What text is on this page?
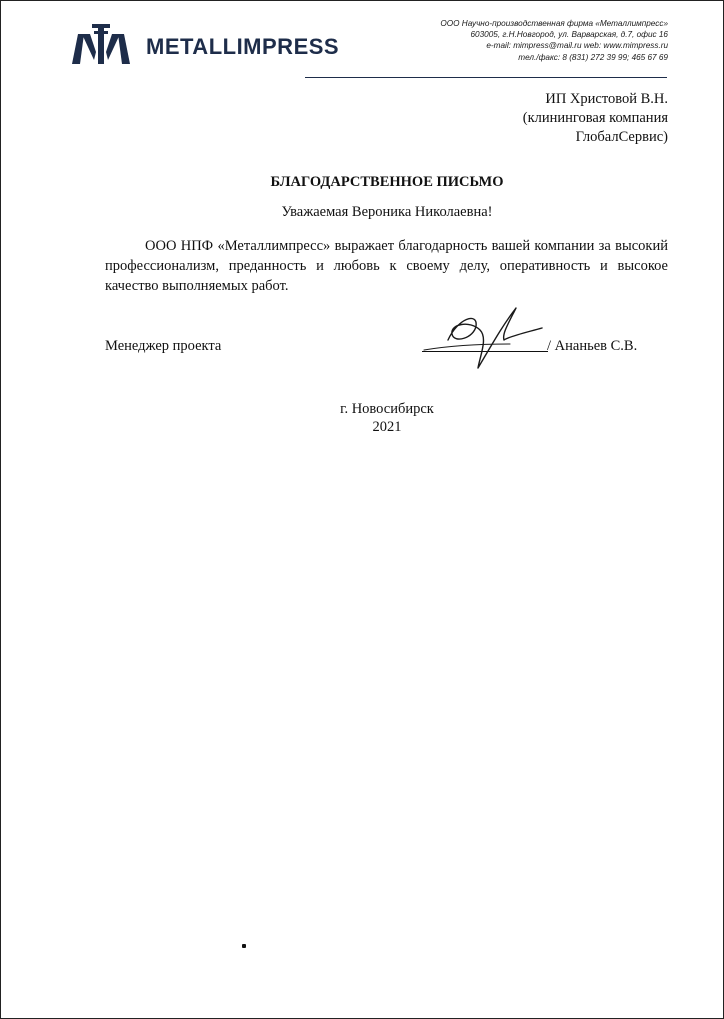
METALLIMPRESS
ООО Научно-производственная фирма «Металлимпресс»
603005, г.Н.Новгород, ул. Варварская, д.7, офис 16
e-mail: mimpress@mail.ru web: www.mimpress.ru
тел./факс: 8 (831) 272 39 99; 465 67 69
ИП Христовой В.Н.
(клининговая компания
ГлобалСервис)
БЛАГОДАРСТВЕННОЕ ПИСЬМО
Уважаемая Вероника Николаевна!

ООО НПФ «Металлимпресс» выражает благодарность вашей компании за высокий профессионализм, преданность и любовь к своему делу, оперативность и высокое качество выполняемых работ.

Менеджер проекта	/ Ананьев С.В.
г. Новосибирск
2021
